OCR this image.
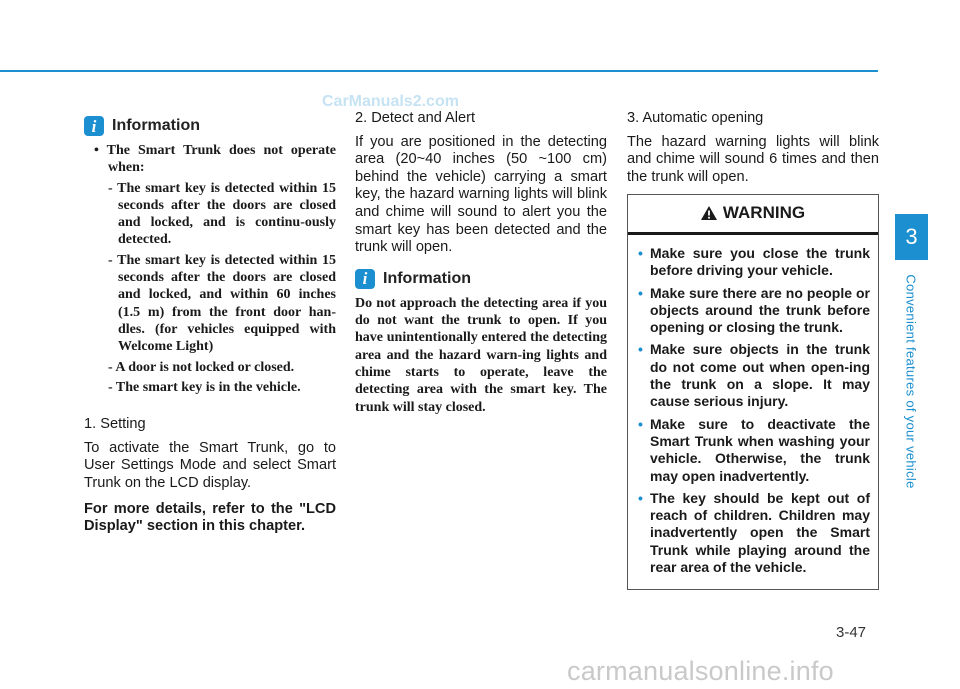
CarManuals2.com
i Information
• The Smart Trunk does not operate when:
- The smart key is detected within 15 seconds after the doors are closed and locked, and is continu-ously detected.
- The smart key is detected within 15 seconds after the doors are closed and locked, and within 60 inches (1.5 m) from the front door han-dles. (for vehicles equipped with Welcome Light)
- A door is not locked or closed.
- The smart key is in the vehicle.
1. Setting
To activate the Smart Trunk, go to User Settings Mode and select Smart Trunk on the LCD display.
For more details, refer to the "LCD Display" section in this chapter.
2. Detect and Alert
If you are positioned in the detecting area (20~40 inches (50 ~100 cm) behind the vehicle) carrying a smart key, the hazard warning lights will blink and chime will sound to alert you the smart key has been detected and the trunk will open.
i Information
Do not approach the detecting area if you do not want the trunk to open. If you have unintentionally entered the detecting area and the hazard warn-ing lights and chime starts to operate, leave the detecting area with the smart key. The trunk will stay closed.
3. Automatic opening
The hazard warning lights will blink and chime will sound 6 times and then the trunk will open.
WARNING
• Make sure you close the trunk before driving your vehicle.
• Make sure there are no people or objects around the trunk before opening or closing the trunk.
• Make sure objects in the trunk do not come out when open-ing the trunk on a slope. It may cause serious injury.
• Make sure to deactivate the Smart Trunk when washing your vehicle. Otherwise, the trunk may open inadvertently.
• The key should be kept out of reach of children. Children may inadvertently open the Smart Trunk while playing around the rear area of the vehicle.
3
Convenient features of your vehicle
3-47
carmanualsonline.info
